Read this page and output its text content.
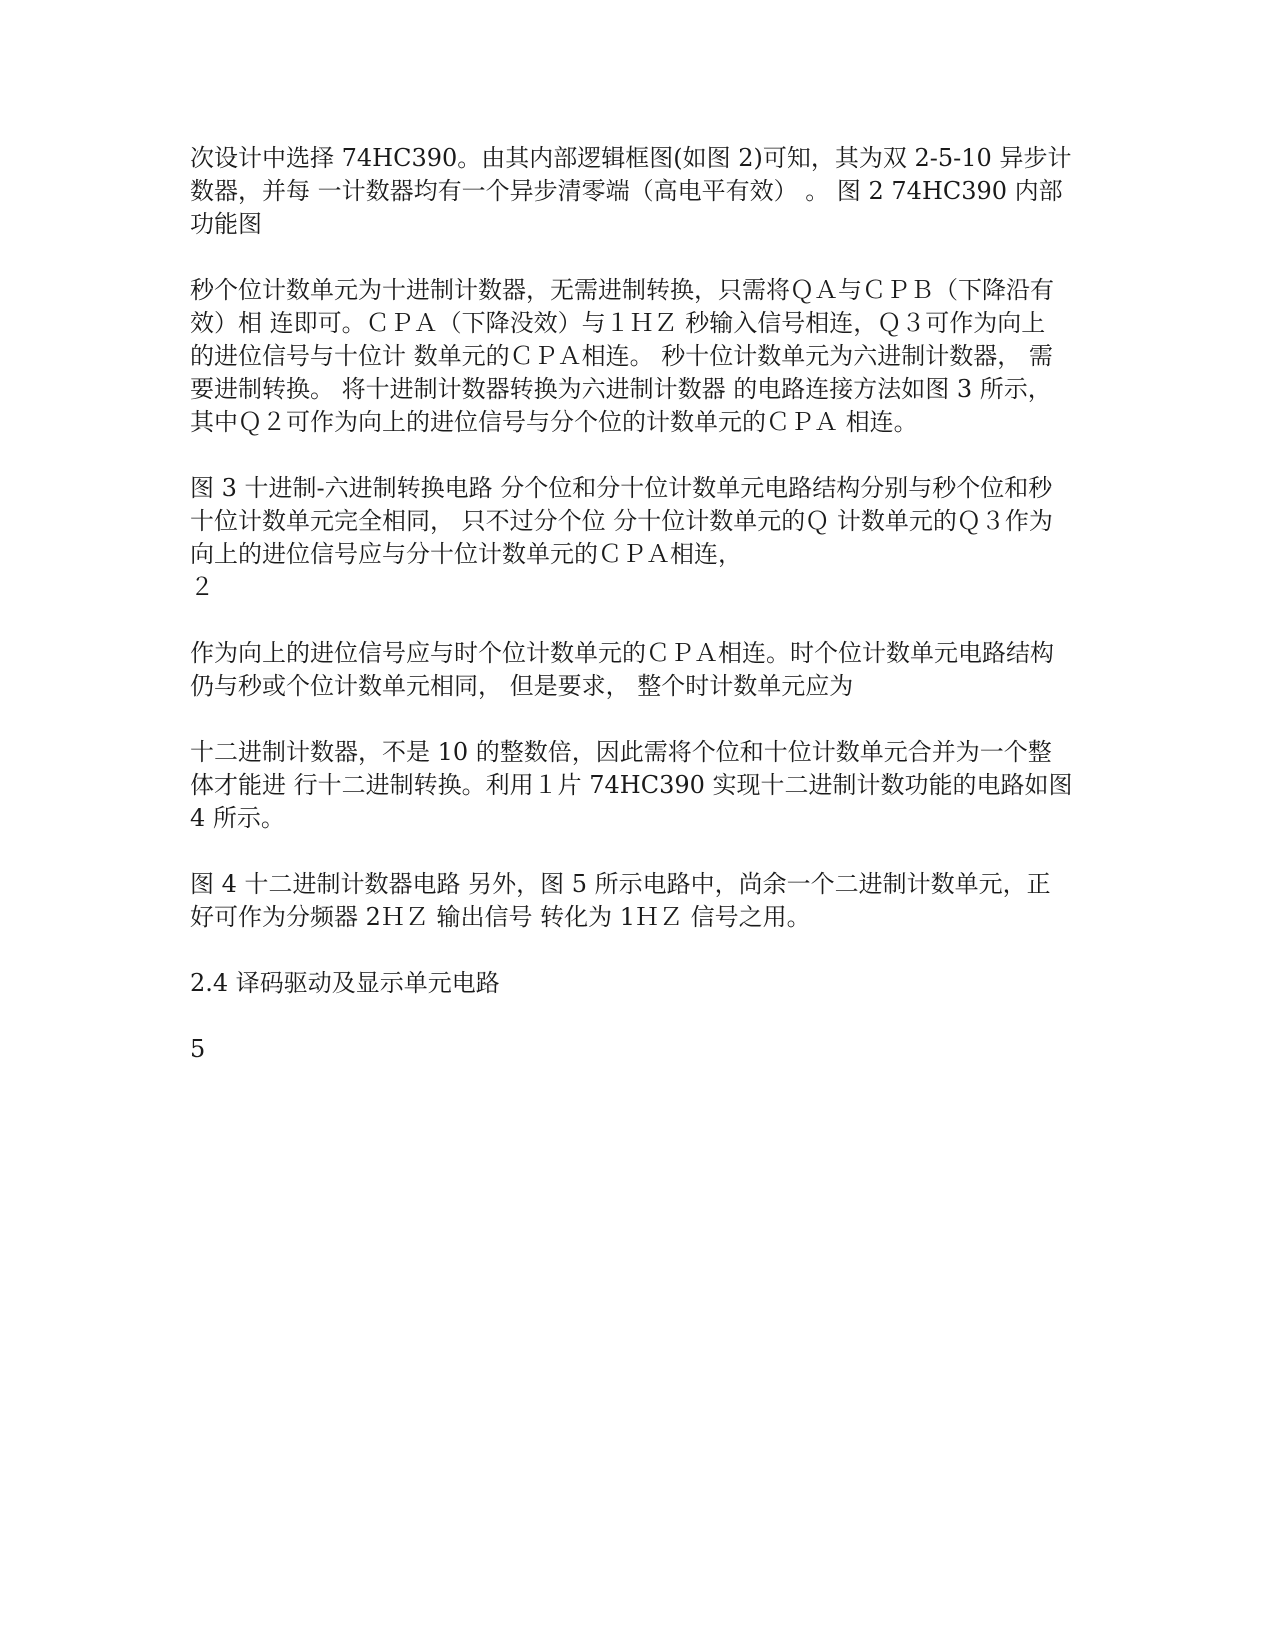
次设计中选择 74HC390。由其内部逻辑框图(如图 2)可知，其为双 2-5-10 异步计
数器，并每 一计数器均有一个异步清零端（高电平有效） 。 图 2 74HC390 内部
功能图

秒个位计数单元为十进制计数器，无需进制转换，只需将ＱＡ与ＣＰＢ（下降沿有
效）相 连即可。ＣＰＡ（下降没效）与１ＨＺ 秒输入信号相连，Ｑ３可作为向上
的进位信号与十位计 数单元的ＣＰＡ相连。 秒十位计数单元为六进制计数器， 需
要进制转换。 将十进制计数器转换为六进制计数器 的电路连接方法如图 3 所示，
其中Ｑ２可作为向上的进位信号与分个位的计数单元的ＣＰＡ 相连。

图 3 十进制-六进制转换电路 分个位和分十位计数单元电路结构分别与秒个位和秒
十位计数单元完全相同， 只不过分个位 分十位计数单元的Ｑ 计数单元的Ｑ３作为
向上的进位信号应与分十位计数单元的ＣＰＡ相连，
２

作为向上的进位信号应与时个位计数单元的ＣＰＡ相连。时个位计数单元电路结构
仍与秒或个位计数单元相同， 但是要求， 整个时计数单元应为

十二进制计数器，不是 10 的整数倍，因此需将个位和十位计数单元合并为一个整
体才能进 行十二进制转换。利用１片 74HC390 实现十二进制计数功能的电路如图
4 所示。

图 4 十二进制计数器电路 另外，图 5 所示电路中，尚余一个二进制计数单元，正
好可作为分频器 2ＨＺ 输出信号 转化为 1ＨＺ 信号之用。

2.4 译码驱动及显示单元电路

5
